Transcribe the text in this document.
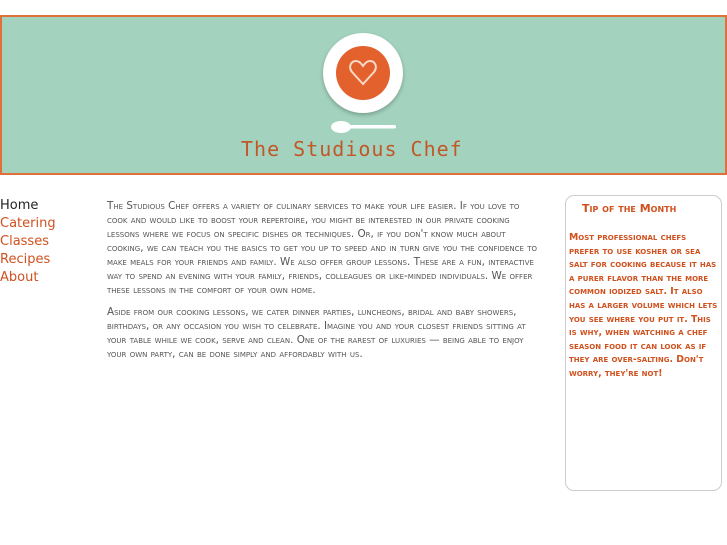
The Studious Chef
Home
Catering
Classes
Recipes
About

The Studious Chef offers a variety of culinary services to make your life easier. If you love to cook and would like to boost your repertoire, you might be interested in our private cooking lessons where we focus on specific dishes or techniques. Or, if you don't know much about cooking, we can teach you the basics to get you up to speed and in turn give you the confidence to make meals for your friends and family. We also offer group lessons. These are a fun, interactive way to spend an evening with your family, friends, colleagues or like-minded individuals. We offer these lessons in the comfort of your own home.

Aside from our cooking lessons, we cater dinner parties, luncheons, bridal and baby showers, birthdays, or any occasion you wish to celebrate. Imagine you and your closest friends sitting at your table while we cook, serve and clean. One of the rarest of luxuries — being able to enjoy your own party, can be done simply and affordably with us.

Tip of the Month
Most professional chefs prefer to use kosher or sea salt for cooking because it has a purer flavor than the more common iodized salt. It also has a larger volume which lets you see where you put it. This is why, when watching a chef season food it can look as if they are over-salting. Don't worry, they're not!
